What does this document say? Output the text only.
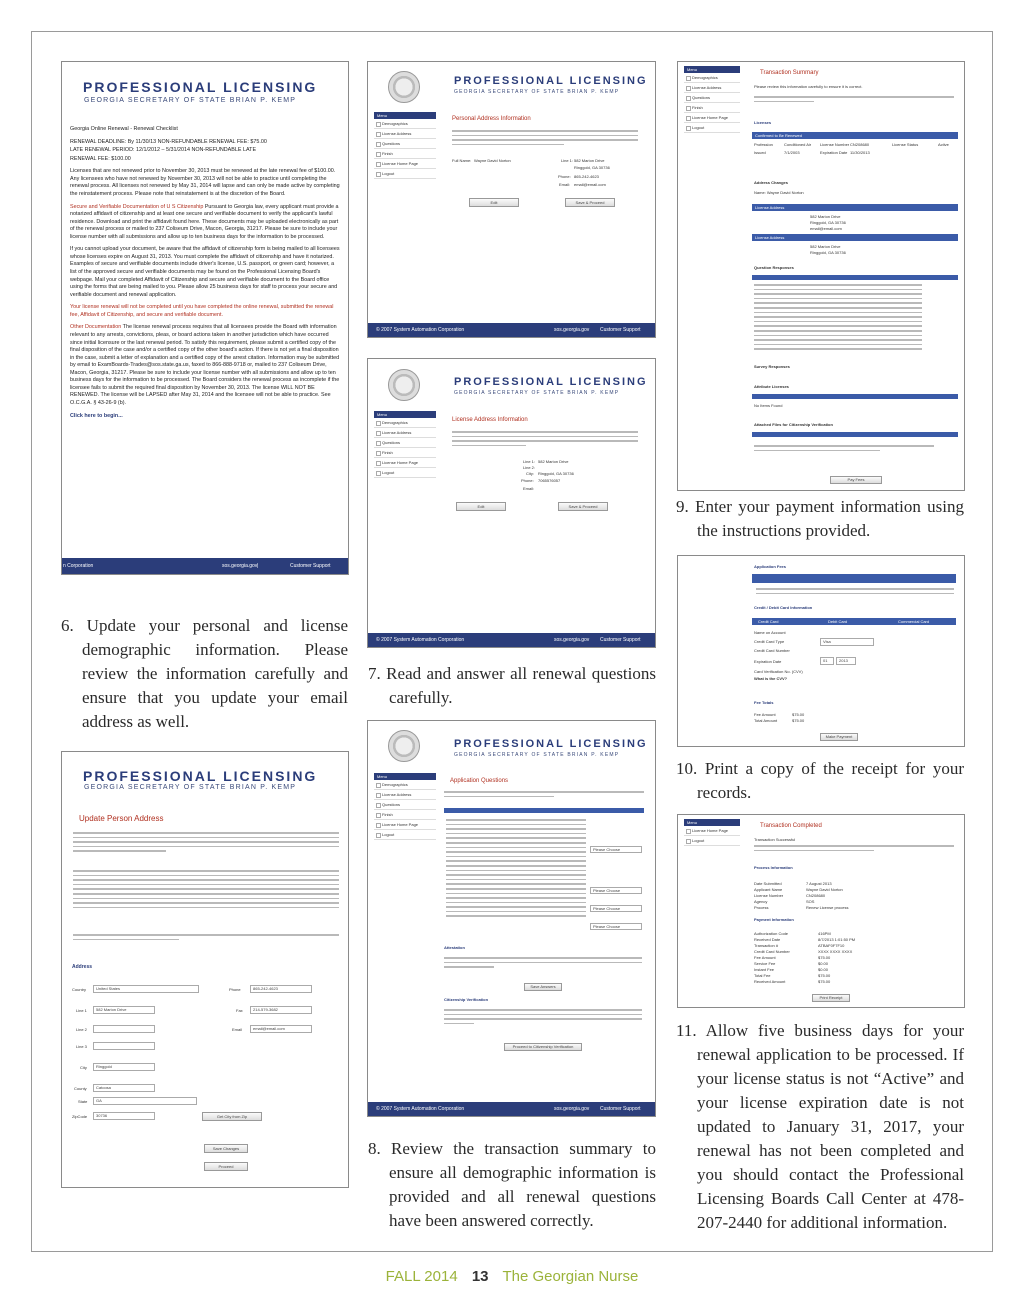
PROFESSIONAL LICENSING
GEORGIA SECRETARY OF STATE BRIAN P. KEMP

Georgia Online Renewal - Renewal Checklist

RENEWAL DEADLINE: By 11/30/13 NON-REFUNDABLE RENEWAL FEE: $75.00

LATE RENEWAL PERIOD: 12/1/2012 – 5/31/2014 NON-REFUNDABLE LATE

RENEWAL FEE: $100.00

Licenses that are not renewed prior to November 30, 2013 must be renewed at the late renewal fee of $100.00. Any licensees who have not renewed by November 30, 2013 will not be able to practice until completing the renewal process. All licenses not renewed by May 31, 2014 will lapse and can only be made active by completing the reinstatement process. Please note that reinstatement is at the discretion of the Board.

Secure and Verifiable Documentation of U S Citizenship Pursuant to Georgia law, every applicant must provide a notarized affidavit of citizenship and at least one secure and verifiable document to verify the applicant's lawful residence. Download and print the affidavit found here. These documents may be uploaded electronically as part of the renewal process or mailed to 237 Coliseum Drive, Macon, Georgia, 31217. Please be sure to include your license number with all submissions and allow up to ten business days for the information to be processed.

If you cannot upload your document, be aware that the affidavit of citizenship form is being mailed to all licensees whose licenses expire on August 31, 2013. You must complete the affidavit of citizenship and have it notarized. Examples of secure and verifiable documents include driver's license, U.S. passport, or green card; however, a list of the approved secure and verifiable documents may be found on the Professional Licensing Board's webpage. Mail your completed Affidavit of Citizenship and secure and verifiable document to the Board office using the forms that are being mailed to you. Please allow 25 business days for staff to process your secure and verifiable document and renewal application.

Your license renewal will not be completed until you have completed the online renewal, submitted the renewal fee, Affidavit of Citizenship, and secure and verifiable document.

Other Documentation The license renewal process requires that all licensees provide the Board with information relevant to any arrests, convictions, pleas, or board actions taken in another jurisdiction which have occurred since initial licensure or the last renewal period. To satisfy this requirement, please submit a certified copy of the final disposition of the case and/or a certified copy of the other board's action. If there is not yet a final disposition in the case, submit a letter of explanation and a certified copy of the arrest citation. Information may be submitted by email to ExamBoards-Trades@sos.state.ga.us, faxed to 866-888-9718 or, mailed to 237 Coliseum Drive, Macon, Georgia, 31217. Please be sure to include your license number with all submissions and allow up to ten business days for the information to be processed. The Board considers the renewal process as incomplete if the licensee fails to submit the required final disposition by November 30, 2013. The license WILL NOT BE RENEWED. The license will be LAPSED after May 31, 2014 and the licensee will not be able to practice. See O.C.G.A. § 43-26-9 (b).

Click here to begin...

n Corporation	sos.georgia.gov |	Customer Support
PROFESSIONAL LICENSING
GEORGIA SECRETARY OF STATE BRIAN P. KEMP
Menu
Demographics
License Address
Questions
Finish
License Home Page
Logout
Personal Address Information
Full Name: Wayne David Norton	Line 1: 582 Marion Drive
Ringgold, GA 30736
Phone: 865-242-4623
Email: email@email.com
Edit	Save & Proceed
© 2007 System Automation Corporation	sos.georgia.gov Customer Support
PROFESSIONAL LICENSING
GEORGIA SECRETARY OF STATE BRIAN P. KEMP
Menu
Demographics
License Address
Questions
Finish
License Home Page
Logout
License Address Information
Line 1: 582 Marion Drive
Line 2:
City: Ringgold, GA 30736
Phone: 7065576057
Email:
Edit	Save & Proceed
© 2007 System Automation Corporation	sos.georgia.gov Customer Support
Menu
Demographics
License Address
Questions
Finish
License Home Page
Logout
Transaction Summary
Please review this information carefully to ensure it is correct.
Licenses
Confirmed to Be Renewed
Profession	Conditioned Air License Number CN208680	License Status	Active
Issued	7/1/2003	Expiration Date 11/30/2013
Address Changes
Name: Wayne David Norton
License Address
582 Marion Drive
Ringgold, GA 30736
email@email.com
License Address
582 Marion Drive
Ringgold, GA 30736
Question Responses
Survey Responses
Attribute Licenses
No Items Found
Attached Files for Citizenship Verification
Pay Fees
Application Fees
Credit / Debit Card Information
Credit Card	Debit Card	Commercial Card
Name on Account
Credit Card Type	Visa
Credit Card Number
Expiration Date	01	2013
Card Verification No. (CVV)
What is the CVV?
Fee Totals
Fee Amount	$75.00
Total Amount	$75.00
Make Payment
PROFESSIONAL LICENSING
GEORGIA SECRETARY OF STATE BRIAN P. KEMP
Update Person Address
Address
Country	United States
Line 1	582 Marion Drive
Line 2
Line 3
City	Ringgold
County	Catoosa
State	GA
ZipCode	30736
Phone	865-242-4623
Fax	214-579-3682
Email	email@email.com
Get City from Zip
Save Changes
Proceed
PROFESSIONAL LICENSING
GEORGIA SECRETARY OF STATE BRIAN P. KEMP
Menu
Demographics
License Address
Questions
Finish
License Home Page
Logout
Application Questions
Please Choose
Please Choose
Please Choose
Please Choose
Attestation
Save Answers
Citizenship Verification
Proceed to Citizenship Verification
© 2007 System Automation Corporation	sos.georgia.gov Customer Support
Menu
License Home Page
Logout
Transaction Completed
Transaction Successful
Process Information
Date Submitted	7 August 2013
Applicant Name	Wayne David Norton
License Number	CN208680
Agency	SOS
Process	Renew License process
Payment Information
Authorization Code	416PM
Received Date	8/7/2013 1:01:50 PM
Transaction #	ATBAF0F7F10
Credit Card Number	XXXX XXXX XXXX
Fee Amount	$75.00
Service Fee	$0.00
Instant Fee	$0.00
Total Fee	$75.00
Received Amount	$75.00
Print Receipt
6. Update your personal and license demographic information. Please review the information carefully and ensure that you update your email address as well.
7. Read and answer all renewal questions carefully.
8. Review the transaction summary to ensure all demographic information is provided and all renewal questions have been answered correctly.
9. Enter your payment information using the instructions provided.
10. Print a copy of the receipt for your records.
11. Allow five business days for your renewal application to be processed. If your license status is not “Active” and your license expiration date is not updated to January 31, 2017, your renewal has not been completed and you should contact the Professional Licensing Boards Call Center at 478-207-2440 for additional information.
FALL 2014 13 The Georgian Nurse
